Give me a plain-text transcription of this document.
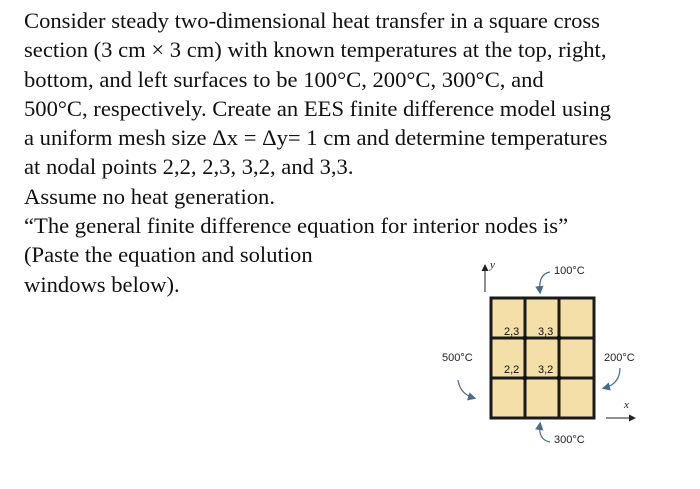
Consider steady two-dimensional heat transfer in a square cross
section (3 cm × 3 cm) with known temperatures at the top, right,
bottom, and left surfaces to be 100°C, 200°C, 300°C, and
500°C, respectively. Create an EES finite difference model using
a uniform mesh size Δx = Δy= 1 cm and determine temperatures
at nodal points 2,2, 2,3, 3,2, and 3,3.

Assume no heat generation.

“The general finite difference equation for interior nodes is”

(Paste the equation and solution
windows below).

y
x
100°C
500°C	200°C
300°C
2,3 3,3
2,2 3,2
